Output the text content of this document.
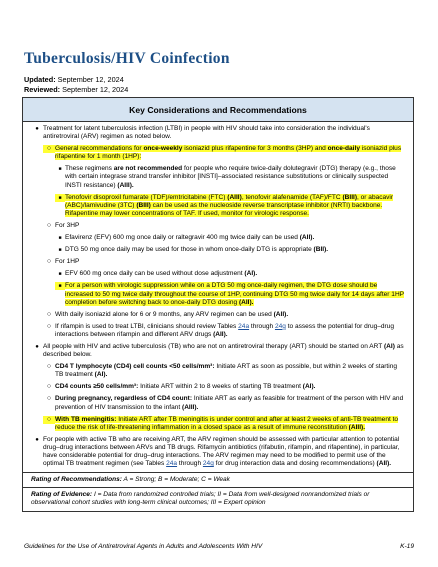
Tuberculosis/HIV Coinfection
Updated: September 12, 2024
Reviewed: September 12, 2024
Key Considerations and Recommendations
● Treatment for latent tuberculosis infection (LTBI) in people with HIV should take into consideration the individual's antiretroviral (ARV) regimen as noted below.
○ General recommendations for once-weekly isoniazid plus rifapentine for 3 months (3HP) and once-daily isoniazid plus rifapentine for 1 month (1HP):
■ These regimens are not recommended for people who require twice-daily dolutegravir (DTG) therapy (e.g., those with certain integrase strand transfer inhibitor [INSTI]–associated resistance substitutions or clinically suspected INSTI resistance) (AIII).
■ Tenofovir disoproxil fumarate (TDF)/emtricitabine (FTC) (AIII), tenofovir alafenamide (TAF)/FTC (BIII), or abacavir (ABC)/lamivudine (3TC) (BIII) can be used as the nucleoside reverse transcriptase inhibitor (NRTI) backbone. Rifapentine may lower concentrations of TAF. If used, monitor for virologic response.
○ For 3HP
■ Efavirenz (EFV) 600 mg once daily or raltegravir 400 mg twice daily can be used (AII).
■ DTG 50 mg once daily may be used for those in whom once-daily DTG is appropriate (BII).
○ For 1HP
■ EFV 600 mg once daily can be used without dose adjustment (AI).
■ For a person with virologic suppression while on a DTG 50 mg once-daily regimen, the DTG dose should be increased to 50 mg twice daily throughout the course of 1HP, continuing DTG 50 mg twice daily for 14 days after 1HP completion before switching back to once-daily DTG dosing (AII).
○ With daily isoniazid alone for 6 or 9 months, any ARV regimen can be used (AII).
○ If rifampin is used to treat LTBI, clinicians should review Tables 24a through 24g to assess the potential for drug–drug interactions between rifampin and different ARV drugs (AII).
● All people with HIV and active tuberculosis (TB) who are not on antiretroviral therapy (ART) should be started on ART (AI) as described below.
○ CD4 T lymphocyte (CD4) cell counts <50 cells/mm³: Initiate ART as soon as possible, but within 2 weeks of starting TB treatment (AI).
○ CD4 counts ≥50 cells/mm³: Initiate ART within 2 to 8 weeks of starting TB treatment (AI).
○ During pregnancy, regardless of CD4 count: Initiate ART as early as feasible for treatment of the person with HIV and prevention of HIV transmission to the infant (AIII).
○ With TB meningitis: Initiate ART after TB meningitis is under control and after at least 2 weeks of anti-TB treatment to reduce the risk of life-threatening inflammation in a closed space as a result of immune reconstitution (AIII).
● For people with active TB who are receiving ART, the ARV regimen should be assessed with particular attention to potential drug–drug interactions between ARVs and TB drugs. Rifamycin antibiotics (rifabutin, rifampin, and rifapentine), in particular, have considerable potential for drug–drug interactions. The ARV regimen may need to be modified to permit use of the optimal TB treatment regimen (see Tables 24a through 24g for drug interaction data and dosing recommendations) (AII).
Rating of Recommendations: A = Strong; B = Moderate; C = Weak
Rating of Evidence: I = Data from randomized controlled trials; II = Data from well-designed nonrandomized trials or observational cohort studies with long-term clinical outcomes; III = Expert opinion
Guidelines for the Use of Antiretroviral Agents in Adults and Adolescents With HIV	K-19
